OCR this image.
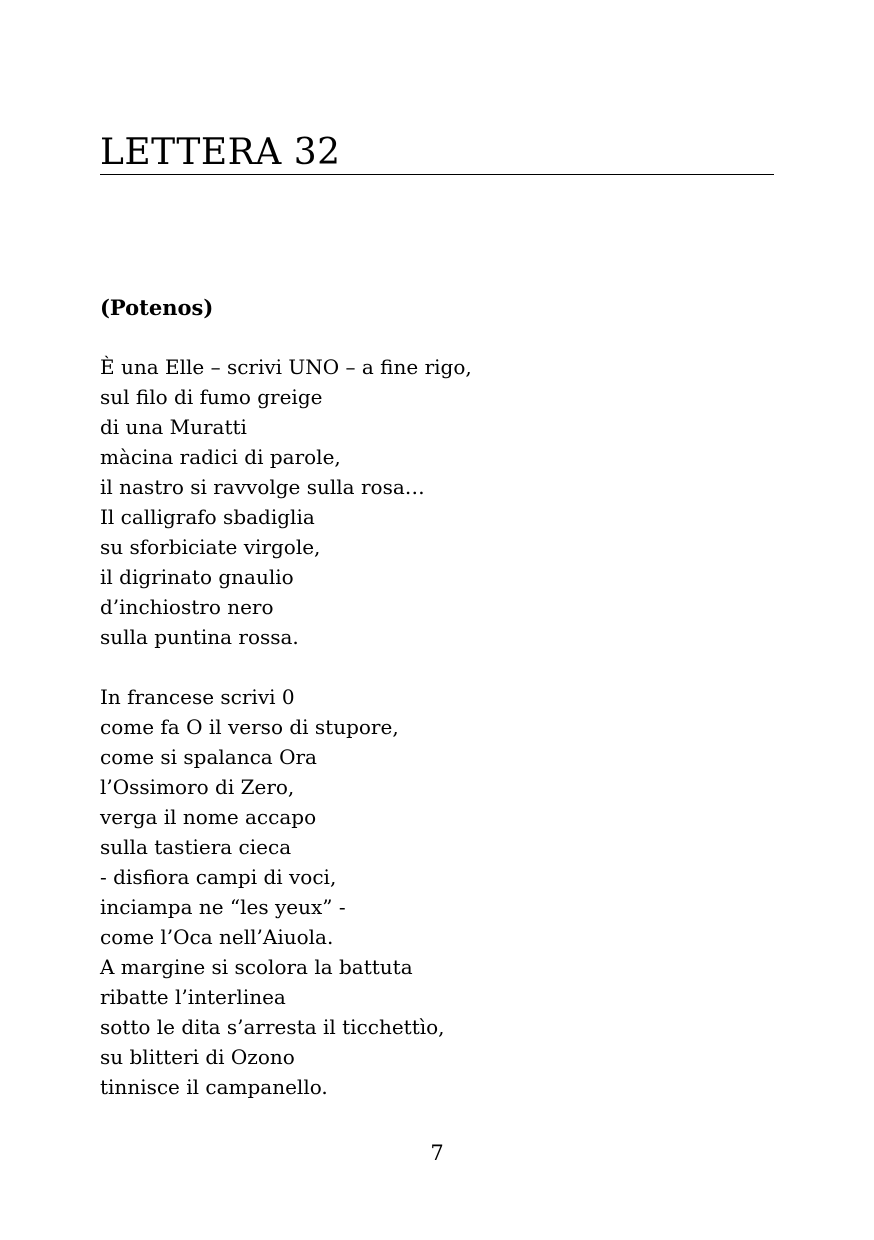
LETTERA 32
(Potenos)
È una Elle – scrivi UNO – a fine rigo,
sul filo di fumo greige
di una Muratti
màcina radici di parole,
il nastro si ravvolge sulla rosa…
Il calligrafo sbadiglia
su sforbiciate virgole,
il digrinato gnaulio
d’inchiostro nero
sulla puntina rossa.
In francese scrivi 0
come fa O il verso di stupore,
come si spalanca Ora
l’Ossimoro di Zero,
verga il nome accapo
sulla tastiera cieca
- disfiora campi di voci,
inciampa ne “les yeux” -
come l’Oca nell’Aiuola.
A margine si scolora la battuta
ribatte l’interlinea
sotto le dita s’arresta il ticchettìo,
su blitteri di Ozono
tinnisce il campanello.
7
